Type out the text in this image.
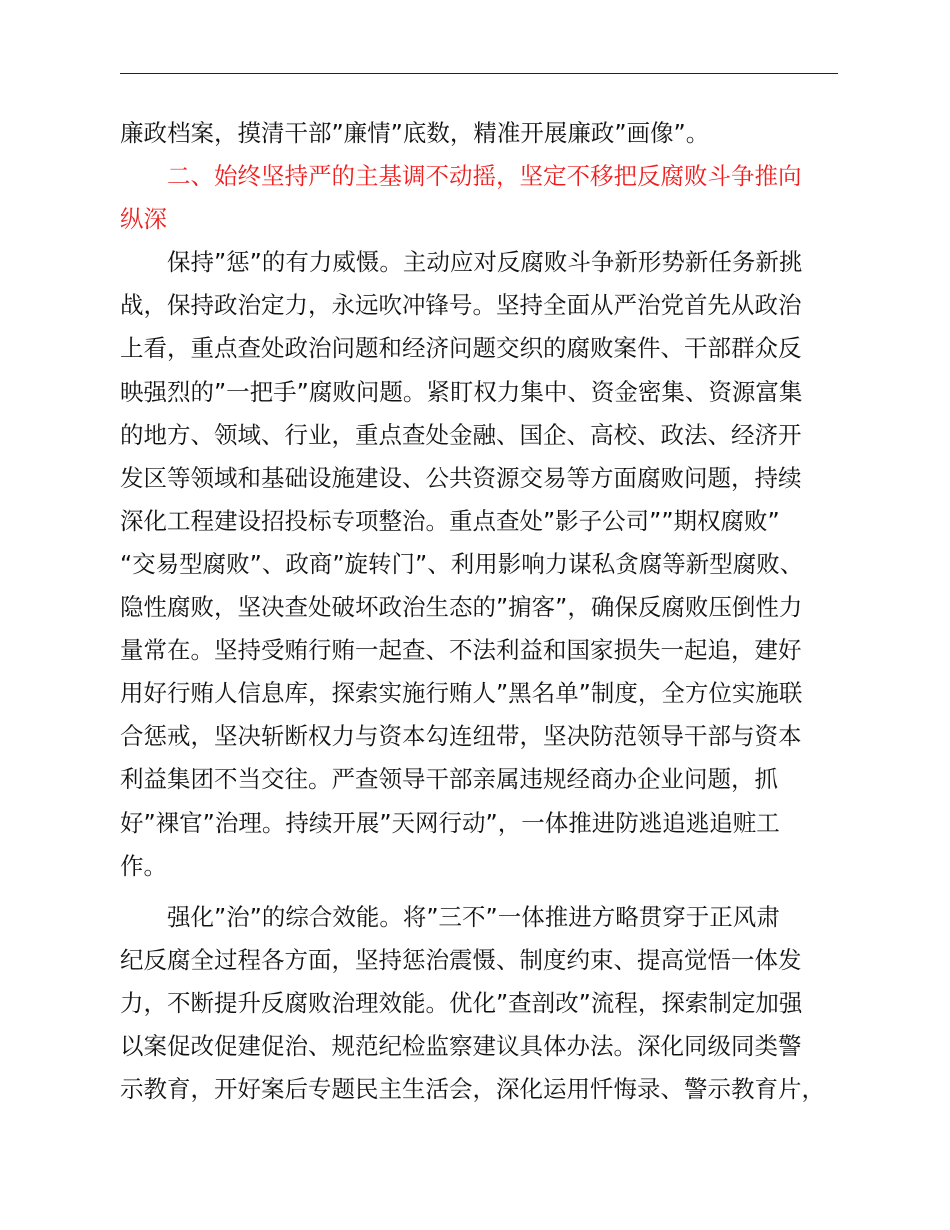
廉政档案，摸清干部”廉情”底数，精准开展廉政”画像”。
二、始终坚持严的主基调不动摇，坚定不移把反腐败斗争推向
纵深
保持”惩”的有力威慑。主动应对反腐败斗争新形势新任务新挑
战，保持政治定力，永远吹冲锋号。坚持全面从严治党首先从政治
上看，重点查处政治问题和经济问题交织的腐败案件、干部群众反
映强烈的”一把手”腐败问题。紧盯权力集中、资金密集、资源富集
的地方、领域、行业，重点查处金融、国企、高校、政法、经济开
发区等领域和基础设施建设、公共资源交易等方面腐败问题，持续
深化工程建设招投标专项整治。重点查处”影子公司””期权腐败”
“交易型腐败”、政商”旋转门”、利用影响力谋私贪腐等新型腐败、
隐性腐败，坚决查处破坏政治生态的”掮客”，确保反腐败压倒性力
量常在。坚持受贿行贿一起查、不法利益和国家损失一起追，建好
用好行贿人信息库，探索实施行贿人”黑名单”制度，全方位实施联
合惩戒，坚决斩断权力与资本勾连纽带，坚决防范领导干部与资本
利益集团不当交往。严查领导干部亲属违规经商办企业问题，抓
好”裸官”治理。持续开展”天网行动”，一体推进防逃追逃追赃工
作。
强化”治”的综合效能。将”三不”一体推进方略贯穿于正风肃
纪反腐全过程各方面，坚持惩治震慑、制度约束、提高觉悟一体发
力，不断提升反腐败治理效能。优化”查剖改”流程，探索制定加强
以案促改促建促治、规范纪检监察建议具体办法。深化同级同类警
示教育，开好案后专题民主生活会，深化运用忏悔录、警示教育片，
